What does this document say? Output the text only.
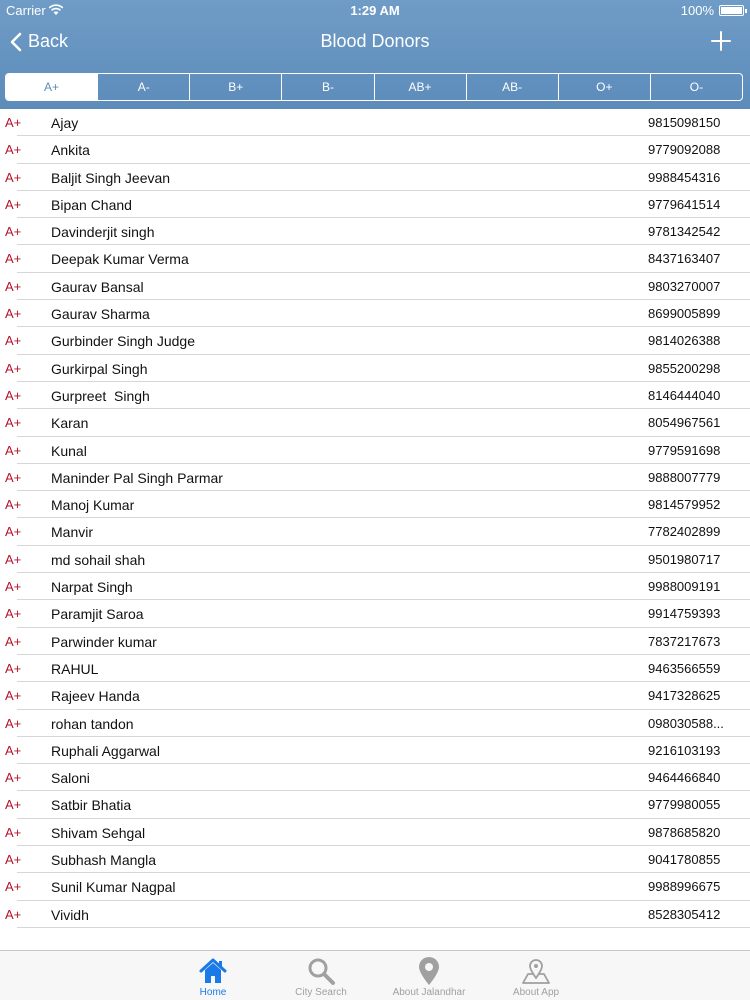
Carrier	1:29 AM	100%
Back	Blood Donors
A+	A-	B+	B-	AB+	AB-	O+	O-
A+ Ajay	9815098150
A+ Ankita	9779092088
A+ Baljit Singh Jeevan	9988454316
A+ Bipan Chand	9779641514
A+ Davinderjit singh	9781342542
A+ Deepak Kumar Verma	8437163407
A+ Gaurav Bansal	9803270007
A+ Gaurav Sharma	8699005899
A+ Gurbinder Singh Judge	9814026388
A+ Gurkirpal Singh	9855200298
A+ Gurpreet  Singh	8146444040
A+ Karan	8054967561
A+ Kunal	9779591698
A+ Maninder Pal Singh Parmar	9888007779
A+ Manoj Kumar	9814579952
A+ Manvir	7782402899
A+ md sohail shah	9501980717
A+ Narpat Singh	9988009191
A+ Paramjit Saroa	9914759393
A+ Parwinder kumar	7837217673
A+ RAHUL	9463566559
A+ Rajeev Handa	9417328625
A+ rohan tandon	098030588...
A+ Ruphali Aggarwal	9216103193
A+ Saloni	9464466840
A+ Satbir Bhatia	9779980055
A+ Shivam Sehgal	9878685820
A+ Subhash Mangla	9041780855
A+ Sunil Kumar Nagpal	9988996675
A+ Vividh	8528305412
Home	City Search	About Jalandhar	About App
